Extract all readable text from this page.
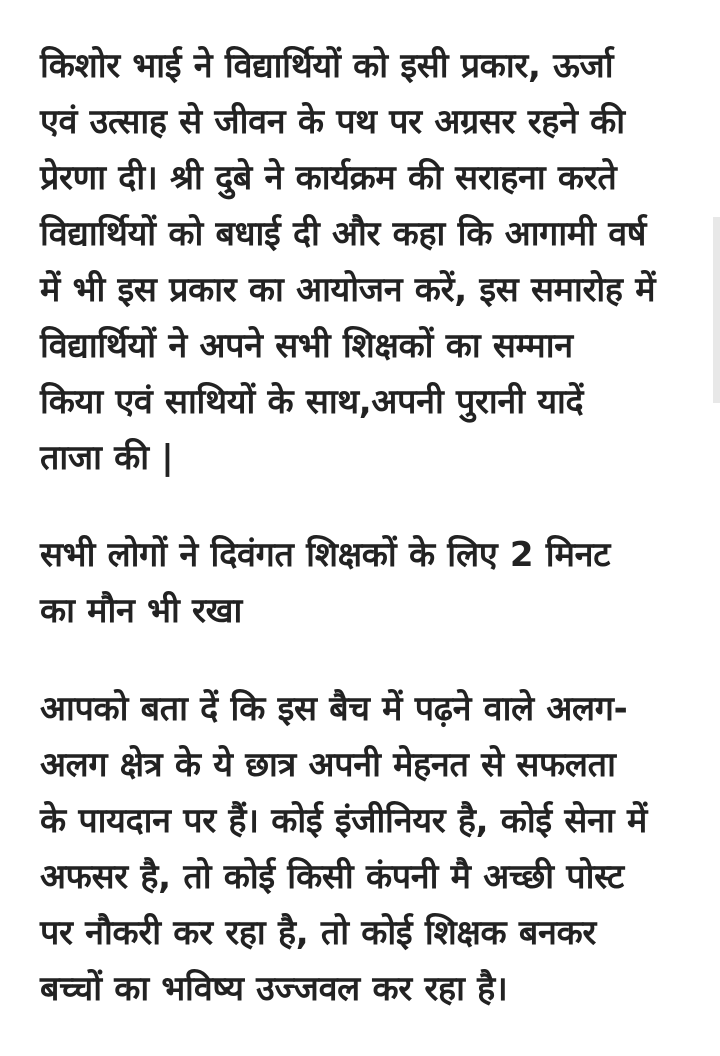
किशोर भाई ने विद्यार्थियों को इसी प्रकार, ऊर्जा
एवं उत्साह से जीवन के पथ पर अग्रसर रहने की
प्रेरणा दी। श्री दुबे ने कार्यक्रम की सराहना करते
विद्यार्थियों को बधाई दी और कहा कि आगामी वर्ष
में भी इस प्रकार का आयोजन करें, इस समारोह में
विद्यार्थियों ने अपने सभी शिक्षकों का सम्मान
किया एवं साथियों के साथ,अपनी पुरानी यादें
ताजा की |

सभी लोगों ने दिवंगत शिक्षकों के लिए 2 मिनट
का मौन भी रखा

आपको बता दें कि इस बैच में पढ़ने वाले अलग-
अलग क्षेत्र के ये छात्र अपनी मेहनत से सफलता
के पायदान पर हैं। कोई इंजीनियर है, कोई सेना में
अफसर है, तो कोई किसी कंपनी मै अच्छी पोस्ट
पर नौकरी कर रहा है, तो कोई शिक्षक बनकर
बच्चों का भविष्य उज्जवल कर रहा है।
